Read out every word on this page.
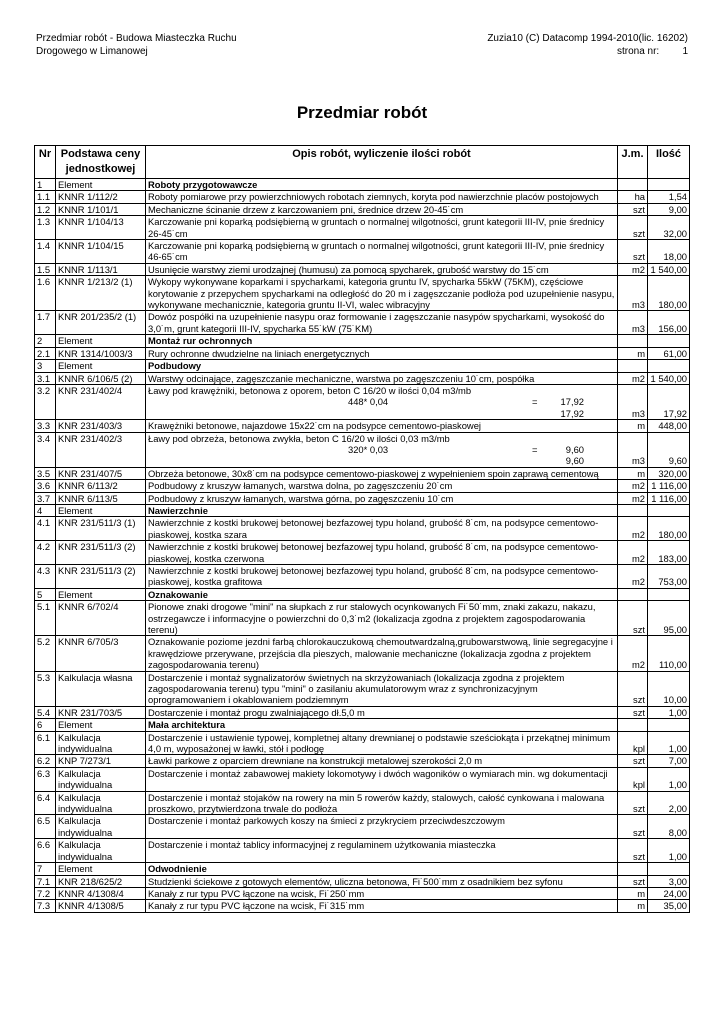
Przedmiar robót - Budowa Miasteczka Ruchu
Drogowego w Limanowej
Zuzia10 (C) Datacomp 1994-2010(lic. 16202)
strona nr: 1
Przedmiar robót
Nr	Podstawa ceny jednostkowej	Opis robót, wyliczenie ilości robót	J.m.	Ilość
1	Element	Roboty przygotowawcze		

1.1	KNNR 1/112/2	Roboty pomiarowe przy powierzchniowych robotach ziemnych, koryta pod nawierzchnie placów postojowych	ha	1,54
1.2	KNNR 1/101/1	Mechaniczne ścinanie drzew z karczowaniem pni, średnice drzew 20-45˙cm	szt	9,00
1.3	KNNR 1/104/13	Karczowanie pni koparką podsiębierną w gruntach o normalnej wilgotności, grunt kategorii III-IV, pnie średnicy 26-45˙cm	szt	32,00
1.4	KNNR 1/104/15	Karczowanie pni koparką podsiębierną w gruntach o normalnej wilgotności, grunt kategorii III-IV, pnie średnicy 46-65˙cm	szt	18,00
1.5	KNNR 1/113/1	Usunięcie warstwy ziemi urodzajnej (humusu) za pomocą spycharek, grubość warstwy do 15˙cm	m2	1 540,00
1.6	KNNR 1/213/2 (1)	Wykopy wykonywane koparkami i spycharkami, kategoria gruntu IV, spycharka 55kW (75KM), częściowe korytowanie z przepychem spycharkami na odległość do 20 m i zagęszczanie podłoża pod uzupełnienie nasypu, wykonywane mechanicznie, kategoria gruntu II-VI, walec wibracyjny	m3	180,00
1.7	KNR 201/235/2 (1)	Dowóz pospółki na uzupełnienie nasypu oraz formowanie i zagęszczanie nasypów spycharkami, wysokość do 3,0˙m, grunt kategorii III-IV, spycharka 55˙kW (75˙KM)	m3	156,00
2	Element	Montaż rur ochronnych		

2.1	KNR 1314/1003/3	Rury ochronne dwudzielne na liniach energetycznych	m	61,00
3	Element	Podbudowy		

3.1	KNNR 6/106/5 (2)	Warstwy odcinające, zagęszczanie mechaniczne, warstwa po zagęszczeniu 10˙cm, pospółka	m2	1 540,00
3.2	KNR 231/402/4	Ławy pod krawężniki, betonowa z oporem, beton C 16/20 w ilości 0,04 m3/mb
448* 0,04 = 17,92
17,92	m3	17,92
3.3	KNR 231/403/3	Krawężniki betonowe, najazdowe 15x22˙cm na podsypce cementowo-piaskowej	m	448,00
3.4	KNR 231/402/3	Ławy pod obrzeża, betonowa zwykła, beton C 16/20 w ilości 0,03 m3/mb
320* 0,03 = 9,60
9,60	m3	9,60
3.5	KNR 231/407/5	Obrzeża betonowe, 30x8˙cm na podsypce cementowo-piaskowej z wypełnieniem spoin zaprawą cementową	m	320,00
3.6	KNNR 6/113/2	Podbudowy z kruszyw łamanych, warstwa dolna, po zagęszczeniu 20˙cm	m2	1 116,00
3.7	KNNR 6/113/5	Podbudowy z kruszyw łamanych, warstwa górna, po zagęszczeniu 10˙cm	m2	1 116,00
4	Element	Nawierzchnie		

4.1	KNR 231/511/3 (1)	Nawierzchnie z kostki brukowej betonowej bezfazowej typu holand, grubość 8˙cm, na podsypce cementowo-piaskowej, kostka szara	m2	180,00
4.2	KNR 231/511/3 (2)	Nawierzchnie z kostki brukowej betonowej bezfazowej typu holand, grubość 8˙cm, na podsypce cementowo-piaskowej, kostka czerwona	m2	183,00
4.3	KNR 231/511/3 (2)	Nawierzchnie z kostki brukowej betonowej bezfazowej typu holand, grubość 8˙cm, na podsypce cementowo-piaskowej, kostka grafitowa	m2	753,00
5	Element	Oznakowanie		

5.1	KNNR 6/702/4	Pionowe znaki drogowe "mini" na słupkach z rur stalowych ocynkowanych Fi˙50˙mm, znaki zakazu, nakazu, ostrzegawcze i informacyjne o powierzchni do 0,3˙m2 (lokalizacja zgodna z projektem zagospodarowania terenu)	szt	95,00
5.2	KNNR 6/705/3	Oznakowanie poziome jezdni farbą chlorokauczukową chemoutwardzalną,grubowarstwową, linie segregacyjne i krawędziowe przerywane, przejścia dla pieszych, malowanie mechaniczne (lokalizacja zgodna z projektem zagospodarowania terenu)	m2	110,00
5.3	Kalkulacja własna	Dostarczenie i montaż sygnalizatorów świetnych na skrzyżowaniach (lokalizacja zgodna z projektem zagospodarowania terenu) typu "mini" o zasilaniu akumulatorowym wraz z synchronizacyjnym oprogramowaniem i okablowaniem podziemnym	szt	10,00
5.4	KNR 231/703/5	Dostarczenie i montaż progu zwalniającego dł.5,0 m	szt	1,00
6	Element	Mała architektura		

6.1	Kalkulacja indywidualna	Dostarczenie i ustawienie typowej, kompletnej altany drewnianej o podstawie sześciokąta i przekątnej minimum 4,0 m, wyposażonej w ławki, stół i podłogę	kpl	1,00
6.2	KNP 7/273/1	Ławki parkowe z oparciem drewniane na konstrukcji metalowej szerokości 2,0 m	szt	7,00
6.3	Kalkulacja indywidualna	Dostarczenie i montaż zabawowej makiety lokomotywy i dwóch wagoników o wymiarach min. wg dokumentacji	kpl	1,00
6.4	Kalkulacja indywidualna	Dostarczenie i montaż stojaków na rowery na min 5 rowerów każdy, stalowych, całość cynkowana i malowana proszkowo, przytwierdzona trwale do podłoża	szt	2,00
6.5	Kalkulacja indywidualna	Dostarczenie i montaż parkowych koszy na śmieci z przykryciem przeciwdeszczowym	szt	8,00
6.6	Kalkulacja indywidualna	Dostarczenie i montaż tablicy informacyjnej z regulaminem użytkowania miasteczka	szt	1,00
7	Element	Odwodnienie		

7.1	KNR 218/625/2	Studzienki ściekowe z gotowych elementów, uliczna betonowa, Fi˙500˙mm z osadnikiem bez syfonu	szt	3,00
7.2	KNNR 4/1308/4	Kanały z rur typu PVC łączone na wcisk, Fi˙250˙mm	m	24,00
7.3	KNNR 4/1308/5	Kanały z rur typu PVC łączone na wcisk, Fi˙315˙mm	m	35,00
